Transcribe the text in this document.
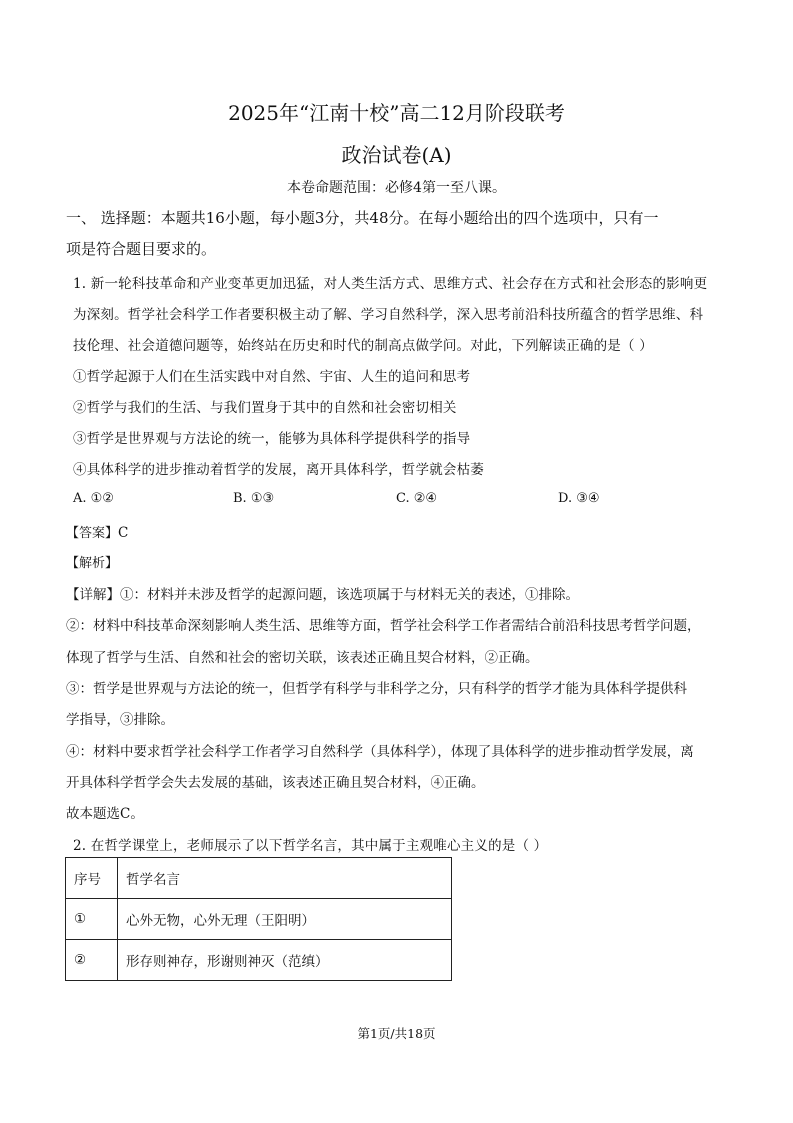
2025年“江南十校”高二12月阶段联考
政治试卷(A)
本卷命题范围：必修4第一至八课。
一、 选择题：本题共16小题，每小题3分，共48分。在每小题给出的四个选项中，只有一
项是符合题目要求的。
1. 新一轮科技革命和产业变革更加迅猛，对人类生活方式、思维方式、社会存在方式和社会形态的影响更
为深刻。哲学社会科学工作者要积极主动了解、学习自然科学，深入思考前沿科技所蕴含的哲学思维、科
技伦理、社会道德问题等，始终站在历史和时代的制高点做学问。对此，下列解读正确的是（ ）
①哲学起源于人们在生活实践中对自然、宇宙、人生的追问和思考
②哲学与我们的生活、与我们置身于其中的自然和社会密切相关
③哲学是世界观与方法论的统一，能够为具体科学提供科学的指导
④具体科学的进步推动着哲学的发展，离开具体科学，哲学就会枯萎
A. ①②	B. ①③	C. ②④	D. ③④
【答案】C
【解析】
【详解】①：材料并未涉及哲学的起源问题，该选项属于与材料无关的表述，①排除。
②：材料中科技革命深刻影响人类生活、思维等方面，哲学社会科学工作者需结合前沿科技思考哲学问题，
体现了哲学与生活、自然和社会的密切关联，该表述正确且契合材料，②正确。
③：哲学是世界观与方法论的统一，但哲学有科学与非科学之分，只有科学的哲学才能为具体科学提供科
学指导，③排除。
④：材料中要求哲学社会科学工作者学习自然科学（具体科学），体现了具体科学的进步推动哲学发展，离
开具体科学哲学会失去发展的基础，该表述正确且契合材料，④正确。
故本题选C。
2. 在哲学课堂上，老师展示了以下哲学名言，其中属于主观唯心主义的是（ ）
序号	哲学名言
①	心外无物，心外无理（王阳明）
②	形存则神存，形谢则神灭（范缜）
第1页/共18页
